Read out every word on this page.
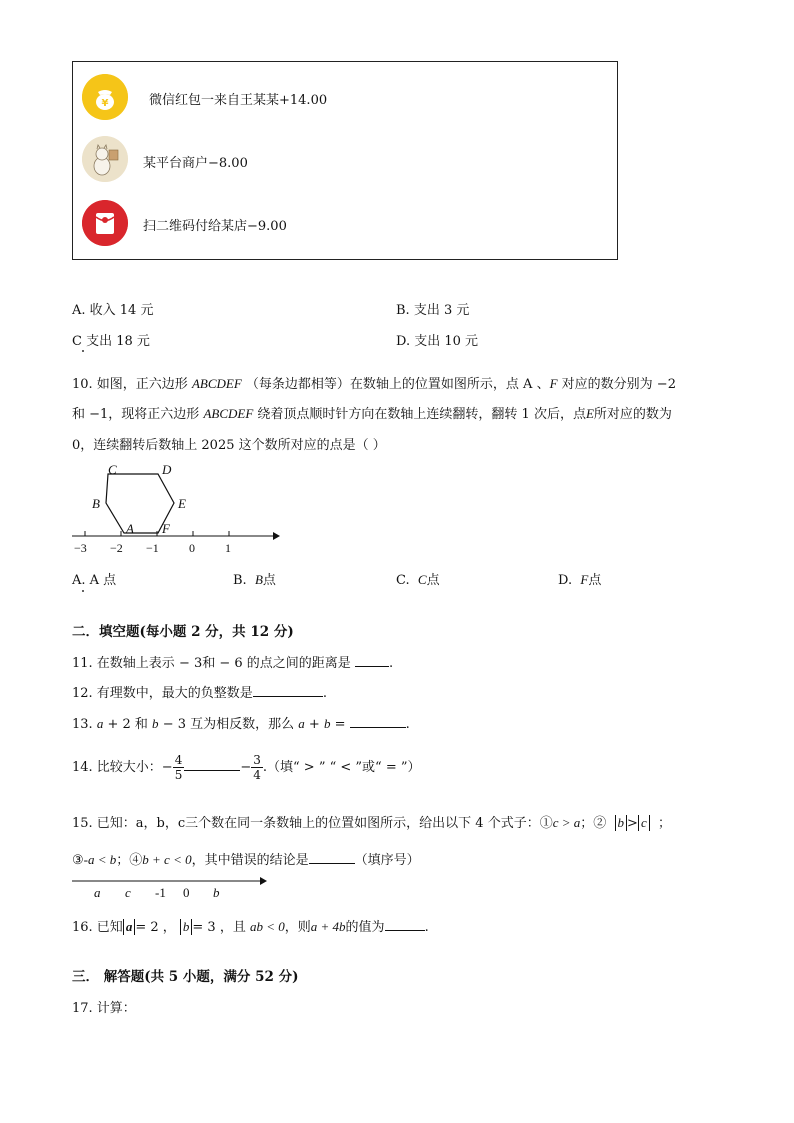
¥	微信红包一来自王某某+14.00
某平台商户−8.00
扫二维码付给某店−9.00
A. 收入 14 元	B. 支出 3 元
C 支出 18 元	D. 支出 10 元
10. 如图，正六边形 ABCDEF （每条边都相等）在数轴上的位置如图所示，点 A 、F 对应的数分别为 −2
和 −1，现将正六边形 ABCDEF 绕着顶点顺时针方向在数轴上连续翻转，翻转 1 次后，点E所对应的数为
0，连续翻转后数轴上 2025 这个数所对应的点是（ ）
C	D
B	E
A F
−3 −2 −1	0	1
A. A 点	B. B点	C. C点	D. F点
二．填空题(每小题 2 分，共 12 分)
11. 在数轴上表示 − 3和 − 6 的点之间的距离是	.
12. 有理数中，最大的负整数是	.
13. a + 2 和 b − 3 互为相反数，那么 a + b =	.
14. 比较大小：− $\frac{4}{5}$	− $\frac{3}{4}$ .（填“ > ” “ < ”或“ = ”）
15. 已知：a，b，c三个数在同一条数轴上的位置如图所示，给出以下 4 个式子：①c > a；② b > c ；
③-a < b；④b + c < 0，其中错误的结论是	（填序号）
a c -1 0 b
16. 已知 a = 2 ， b = 3 ，且 ab < 0，则a + 4b的值为	.
三． 解答题(共 5 小题，满分 52 分)
17. 计算：
